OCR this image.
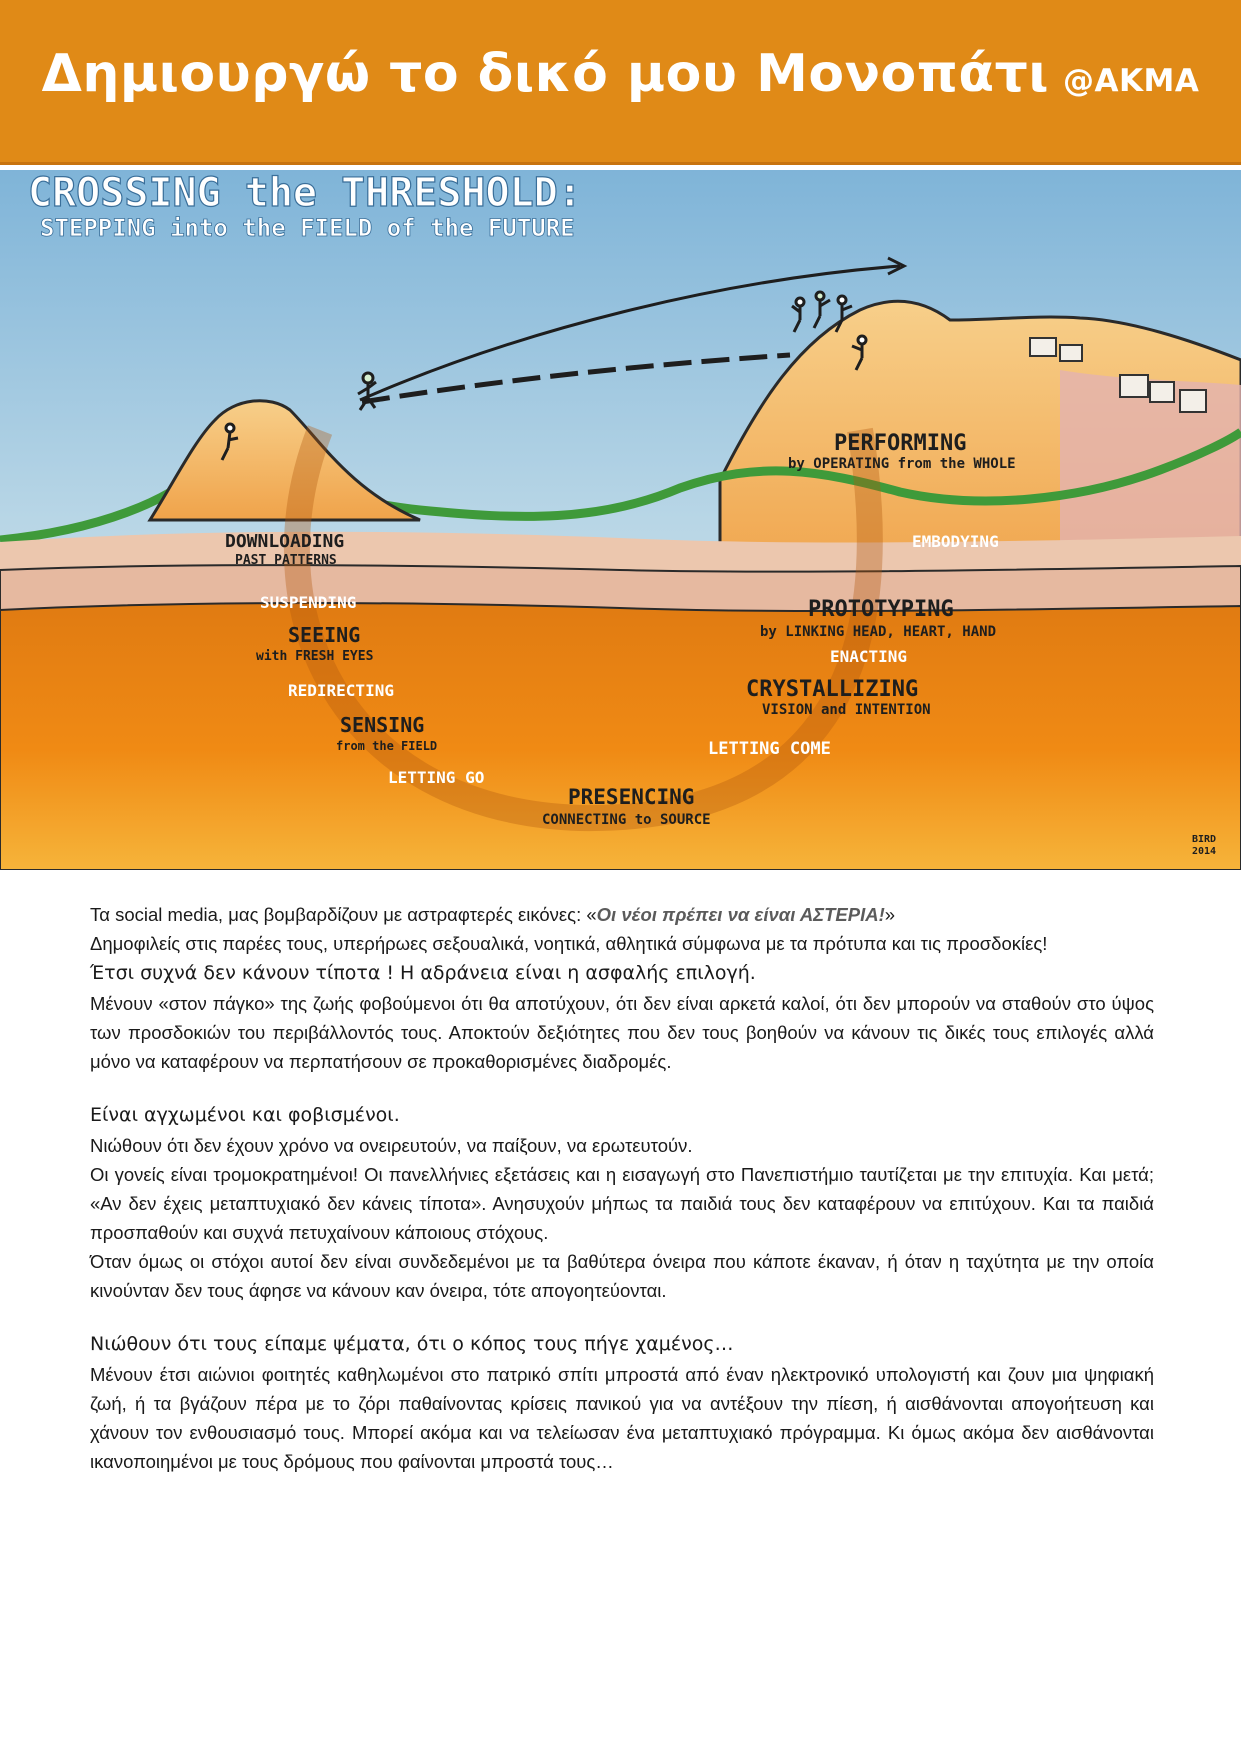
Δημιουργώ το δικό μου Μονοπάτι @AKMA
CROSSING the THRESHOLD:
STEPPING into the FIELD of the FUTURE
DOWNLOADING
PAST PATTERNS
SUSPENDING
SEEING
with FRESH EYES
REDIRECTING
SENSING
from the FIELD
LETTING GO
PRESENCING
CONNECTING to SOURCE
LETTING COME
CRYSTALLIZING
VISION and INTENTION
ENACTING
PROTOTYPING
by LINKING HEAD, HEART, HAND
EMBODYING
PERFORMING
by OPERATING from the WHOLE
BIRD
2014

Τα social media, μας βομβαρδίζουν με αστραφτερές εικόνες: «Οι νέοι πρέπει να είναι ΑΣΤΕΡΙΑ!»

Δημοφιλείς στις παρέες τους, υπερήρωες σεξουαλικά, νοητικά, αθλητικά σύμφωνα με τα πρότυπα και τις προσδοκίες!

Έτσι συχνά δεν κάνουν τίποτα ! Η αδράνεια είναι η ασφαλής επιλογή.

Μένουν «στον πάγκο» της ζωής φοβούμενοι ότι θα αποτύχουν, ότι δεν είναι αρκετά καλοί, ότι δεν μπορούν να σταθούν στο ύψος των προσδοκιών του περιβάλλοντός τους. Αποκτούν δεξιότητες που δεν τους βοηθούν να κάνουν τις δικές τους επιλογές αλλά μόνο να καταφέρουν να περπατήσουν σε προκαθορισμένες διαδρομές.

Είναι αγχωμένοι και φοβισμένοι.

Νιώθουν ότι δεν έχουν χρόνο να ονειρευτούν, να παίξουν, να ερωτευτούν.

Οι γονείς είναι τρομοκρατημένοι! Οι πανελλήνιες εξετάσεις και η εισαγωγή στο Πανεπιστήμιο ταυτίζεται με την επιτυχία. Και μετά; «Αν δεν έχεις μεταπτυχιακό δεν κάνεις τίποτα». Ανησυχούν μήπως τα παιδιά τους δεν καταφέρουν να επιτύχουν. Και τα παιδιά προσπαθούν και συχνά πετυχαίνουν κάποιους στόχους.

Όταν όμως οι στόχοι αυτοί δεν είναι συνδεδεμένοι με τα βαθύτερα όνειρα που κάποτε έκαναν, ή όταν η ταχύτητα με την οποία κινούνταν δεν τους άφησε να κάνουν καν όνειρα, τότε απογοητεύονται.

Νιώθουν ότι τους είπαμε ψέματα, ότι ο κόπος τους πήγε χαμένος…

Μένουν έτσι αιώνιοι φοιτητές καθηλωμένοι στο πατρικό σπίτι μπροστά από έναν ηλεκτρονικό υπολογιστή και ζουν μια ψηφιακή ζωή, ή τα βγάζουν πέρα με το ζόρι παθαίνοντας κρίσεις πανικού για να αντέξουν την πίεση, ή αισθάνονται απογοήτευση και χάνουν τον ενθουσιασμό τους. Μπορεί ακόμα και να τελείωσαν ένα μεταπτυχιακό πρόγραμμα. Κι όμως ακόμα δεν αισθάνονται ικανοποιημένοι με τους δρόμους που φαίνονται μπροστά τους…
